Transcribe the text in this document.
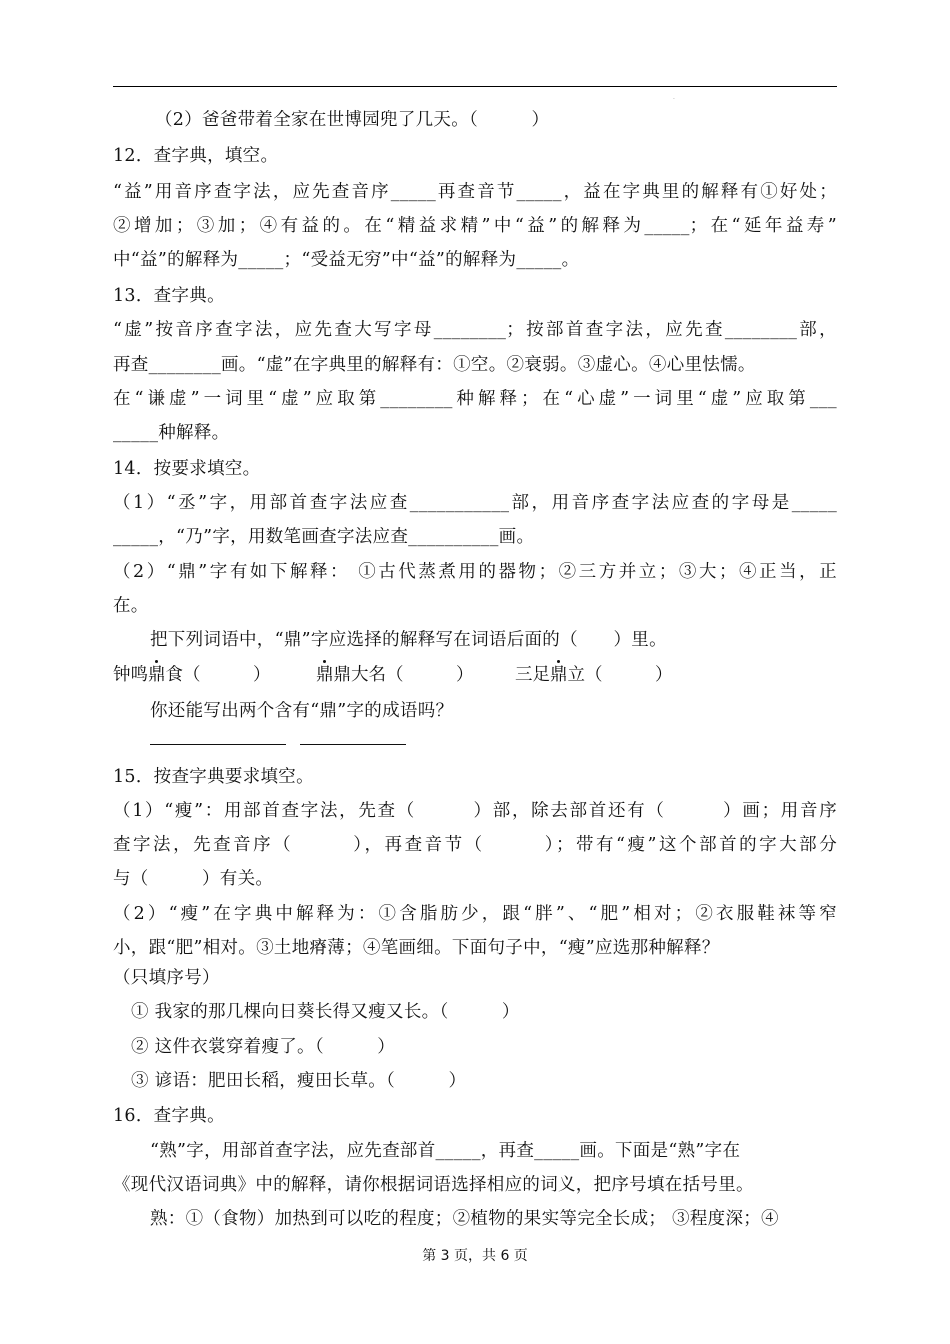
·
（2）爸爸带着全家在世博园兜了几天。（　　　）
12．查字典，填空。
“益”用音序查字法，应先查音序_____再查音节_____，益在字典里的解释有①好处；
②增加；③加；④有益的。在“精益求精”中“益”的解释为_____；在“延年益寿”
中“益”的解释为_____；“受益无穷”中“益”的解释为_____。
13．查字典。
“虚”按音序查字法，应先查大写字母________；按部首查字法，应先查________部，
再查________画。“虚”在字典里的解释有：①空。②衰弱。③虚心。④心里怯懦。
在“谦虚”一词里“虚”应取第________种解释；在“心虚”一词里“虚”应取第___
_____种解释。
14．按要求填空。
（1）“丞”字，用部首查字法应查___________部，用音序查字法应查的字母是_____
_____，“乃”字，用数笔画查字法应查__________画。
（2）“鼎”字有如下解释： ①古代蒸煮用的器物；②三方并立；③大；④正当，正
在。
把下列词语中，“鼎”字应选择的解释写在词语后面的（　　）里。
钟鸣鼎食（　　　）	鼎鼎大名（　　　） 三足鼎立（　　　）
你还能写出两个含有“鼎”字的成语吗？
15．按查字典要求填空。
（1）“瘦”：用部首查字法，先查（　　　）部，除去部首还有（　　　）画；用音序
查字法，先查音序（　　　），再查音节（　　　）；带有“瘦”这个部首的字大部分
与（　　　）有关。
（2）“瘦”在字典中解释为：①含脂肪少，跟“胖”、“肥”相对；②衣服鞋袜等窄
小，跟“肥”相对。③土地瘠薄；④笔画细。下面句子中，“瘦”应选那种解释？
（只填序号）
① 我家的那几棵向日葵长得又瘦又长。（　　　）
② 这件衣裳穿着瘦了。（　　　）
③ 谚语：肥田长稻，瘦田长草。（　　　）
16．查字典。
“熟”字，用部首查字法，应先查部首_____，再查_____画。下面是“熟”字在
《现代汉语词典》中的解释，请你根据词语选择相应的词义，把序号填在括号里。
熟：①（食物）加热到可以吃的程度；②植物的果实等完全长成； ③程度深；④
第 3 页，共 6 页
